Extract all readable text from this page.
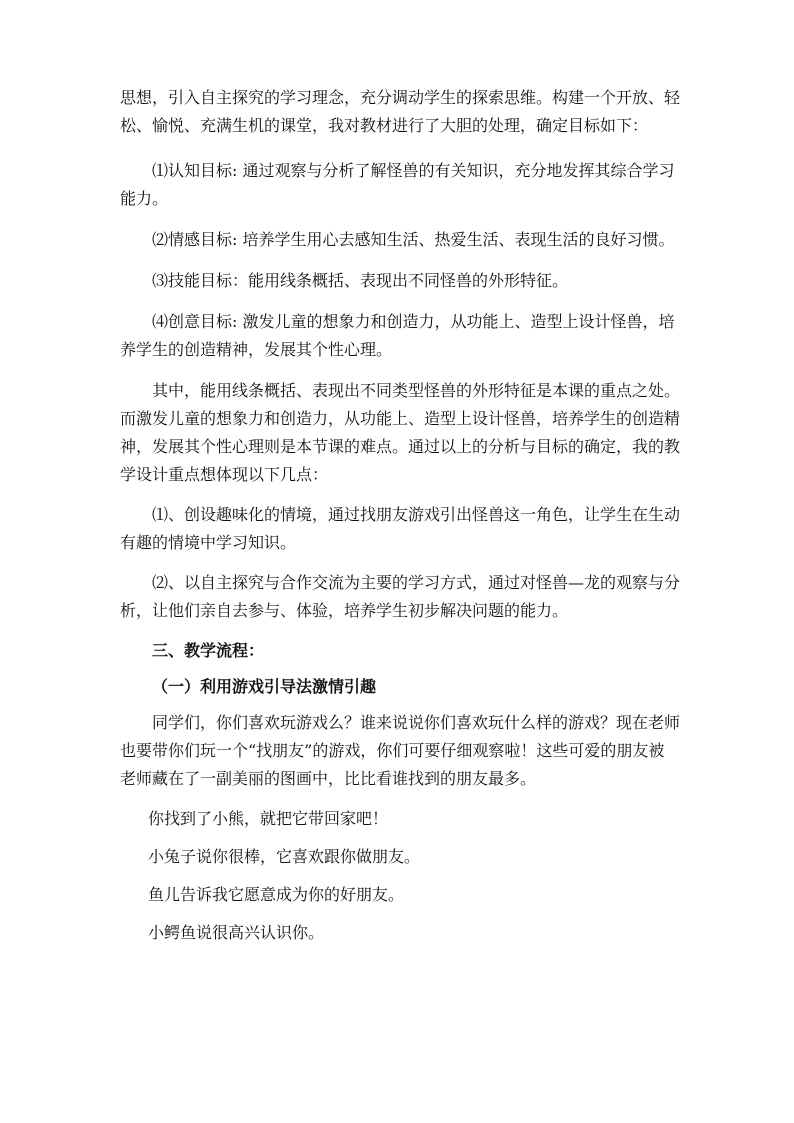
思想，引入自主探究的学习理念，充分调动学生的探索思维。构建一个开放、轻松、愉悦、充满生机的课堂，我对教材进行了大胆的处理，确定目标如下：

⑴认知目标: 通过观察与分析了解怪兽的有关知识，充分地发挥其综合学习能力。

⑵情感目标: 培养学生用心去感知生活、热爱生活、表现生活的良好习惯。

⑶技能目标：能用线条概括、表现出不同怪兽的外形特征。

⑷创意目标: 激发儿童的想象力和创造力，从功能上、造型上设计怪兽，培养学生的创造精神，发展其个性心理。

其中，能用线条概括、表现出不同类型怪兽的外形特征是本课的重点之处。而激发儿童的想象力和创造力，从功能上、造型上设计怪兽，培养学生的创造精神，发展其个性心理则是本节课的难点。通过以上的分析与目标的确定，我的教学设计重点想体现以下几点：

⑴、创设趣味化的情境，通过找朋友游戏引出怪兽这一角色，让学生在生动有趣的情境中学习知识。

⑵、以自主探究与合作交流为主要的学习方式，通过对怪兽—龙的观察与分析，让他们亲自去参与、体验，培养学生初步解决问题的能力。

三、教学流程：
（一）利用游戏引导法激情引趣

同学们，你们喜欢玩游戏么？谁来说说你们喜欢玩什么样的游戏？现在老师也要带你们玩一个“找朋友”的游戏，你们可要仔细观察啦！这些可爱的朋友被老师藏在了一副美丽的图画中，比比看谁找到的朋友最多。

你找到了小熊，就把它带回家吧！

小兔子说你很棒，它喜欢跟你做朋友。

鱼儿告诉我它愿意成为你的好朋友。

小鳄鱼说很高兴认识你。
